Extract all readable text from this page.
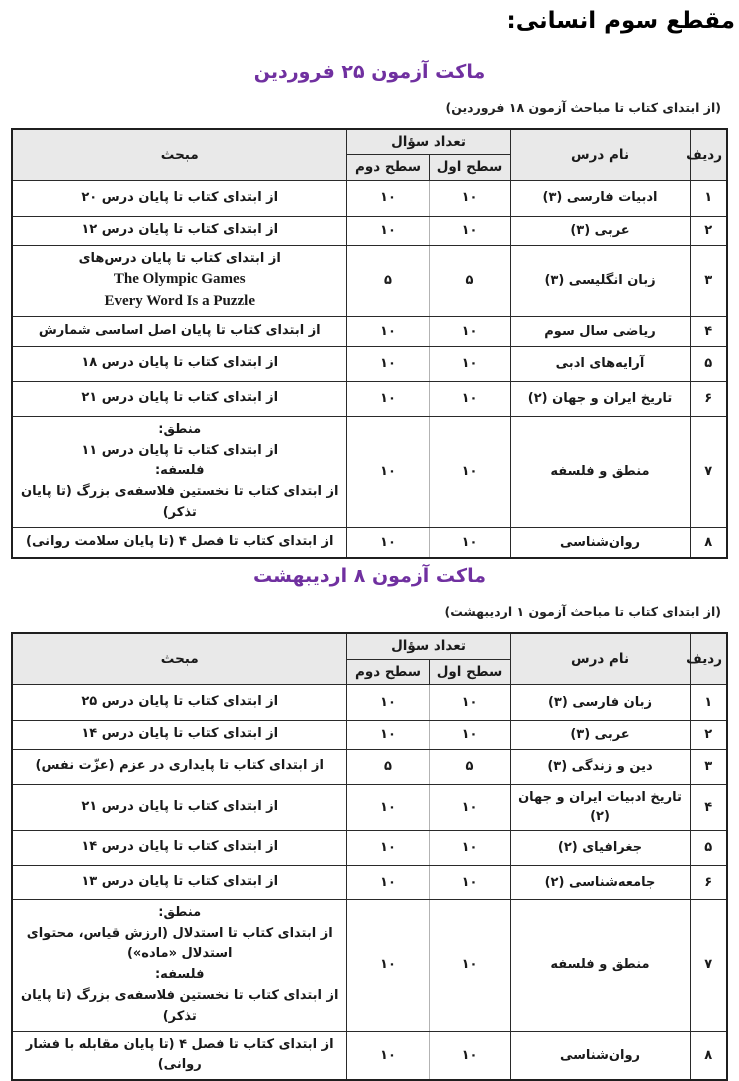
مقطع سوم انسانی:
ماکت آزمون ۲۵ فروردین
(از ابتدای کتاب تا مباحث آزمون ۱۸ فروردین)
ردیف	نام درس	تعداد سؤال		مبحث
		سطح اول	سطح دوم	
۱	ادبیات فارسی (۳)	۱۰	۱۰	از ابتدای کتاب تا پایان درس ۲۰

۲	عربی (۳)	۱۰	۱۰	از ابتدای کتاب تا پایان درس ۱۲

۳	زبان انگلیسی (۳)	۵	۵	از ابتدای کتاب تا پایان درس‌های
The Olympic Games
Every Word Is a Puzzle

۴	ریاضی سال سوم	۱۰	۱۰	از ابتدای کتاب تا پایان اصل اساسی شمارش

۵	آرایه‌های ادبی	۱۰	۱۰	از ابتدای کتاب تا پایان درس ۱۸

۶	تاریخ ایران و جهان (۲)	۱۰	۱۰	از ابتدای کتاب تا پایان درس ۲۱

۷	منطق و فلسفه	۱۰	۱۰	منطق:
از ابتدای کتاب تا پایان درس ۱۱
فلسفه:
از ابتدای کتاب تا نخستین فلاسفه‌ی بزرگ (تا پایان تذکر)

۸	روان‌شناسی	۱۰	۱۰	از ابتدای کتاب تا فصل ۴ (تا پایان سلامت روانی)
ماکت آزمون ۸ اردیبهشت
(از ابتدای کتاب تا مباحث آزمون ۱ اردیبهشت)
ردیف	نام درس	تعداد سؤال		مبحث
		سطح اول	سطح دوم	
۱	زبان فارسی (۳)	۱۰	۱۰	از ابتدای کتاب تا پایان درس ۲۵

۲	عربی (۳)	۱۰	۱۰	از ابتدای کتاب تا پایان درس ۱۴

۳	دین و زندگی (۳)	۵	۵	از ابتدای کتاب تا پایداری در عزم (عزّت نفس)

۴	تاریخ ادبیات ایران و جهان (۲)	۱۰	۱۰	از ابتدای کتاب تا پایان درس ۲۱

۵	جغرافیای (۲)	۱۰	۱۰	از ابتدای کتاب تا پایان درس ۱۴

۶	جامعه‌شناسی (۲)	۱۰	۱۰	از ابتدای کتاب تا پایان درس ۱۳

۷	منطق و فلسفه	۱۰	۱۰	منطق:
از ابتدای کتاب تا استدلال (ارزش قیاس، محتوای استدلال «ماده»)
فلسفه:
از ابتدای کتاب تا نخستین فلاسفه‌ی بزرگ (تا پایان تذکر)

۸	روان‌شناسی	۱۰	۱۰	از ابتدای کتاب تا فصل ۴ (تا پایان مقابله با فشار روانی)
